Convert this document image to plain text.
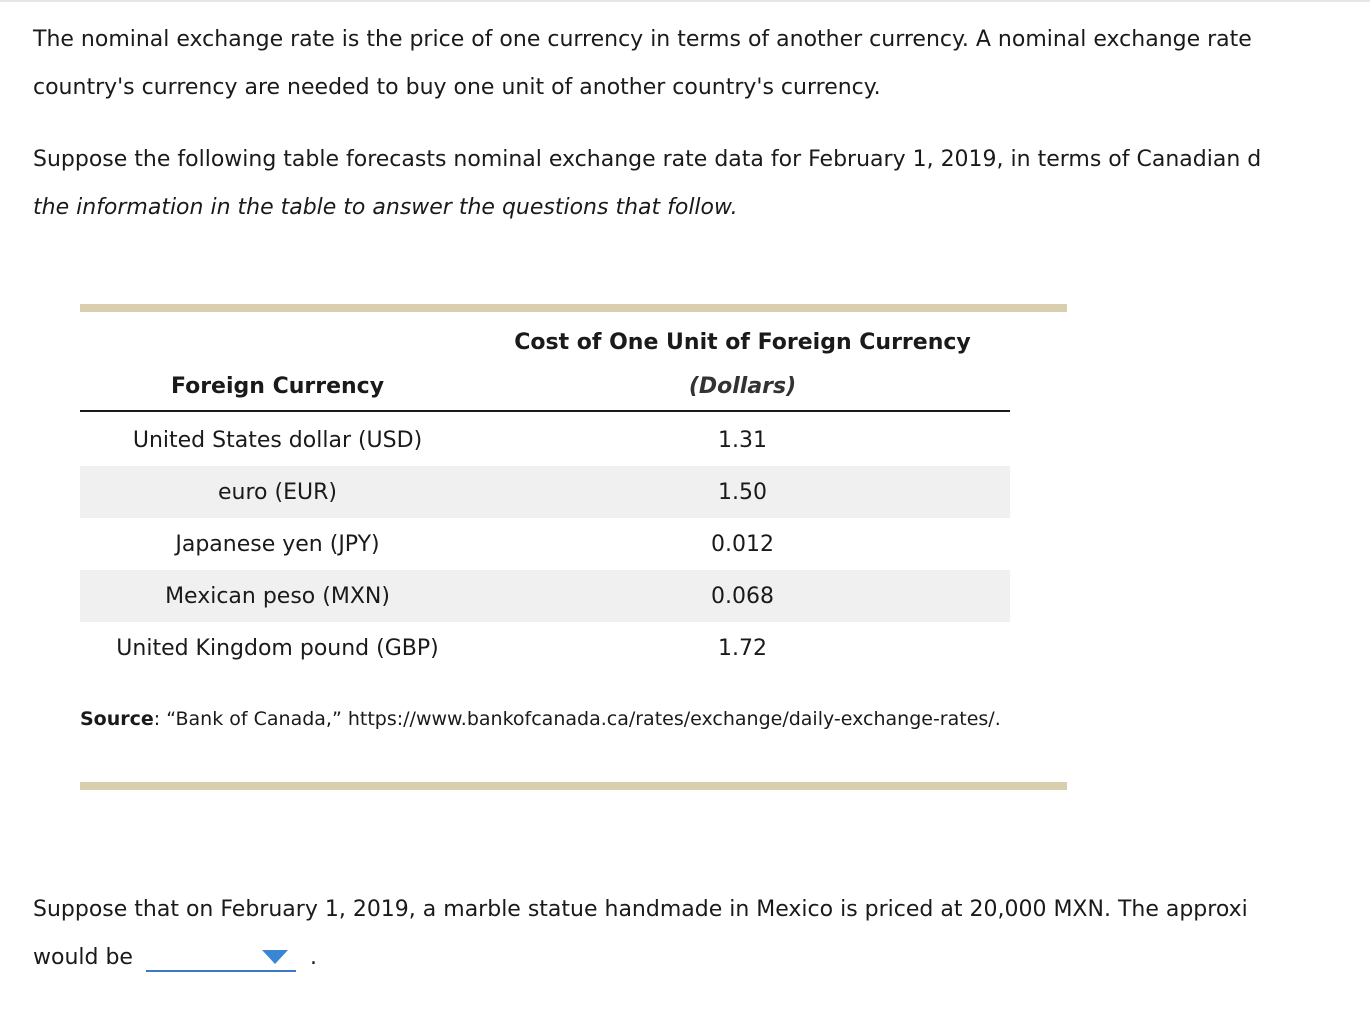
The nominal exchange rate is the price of one currency in terms of another currency. A nominal exchange rate
country's currency are needed to buy one unit of another country's currency.

Suppose the following table forecasts nominal exchange rate data for February 1, 2019, in terms of Canadian d
the information in the table to answer the questions that follow.

Cost of One Unit of Foreign Currency
Foreign Currency	(Dollars)
United States dollar (USD)	1.31
euro (EUR)	1.50
Japanese yen (JPY)	0.012
Mexican peso (MXN)	0.068
United Kingdom pound (GBP)	1.72
Source: “Bank of Canada,” https://www.bankofcanada.ca/rates/exchange/daily-exchange-rates/.

Suppose that on February 1, 2019, a marble statue handmade in Mexico is priced at 20,000 MXN. The approxi
would be	.
